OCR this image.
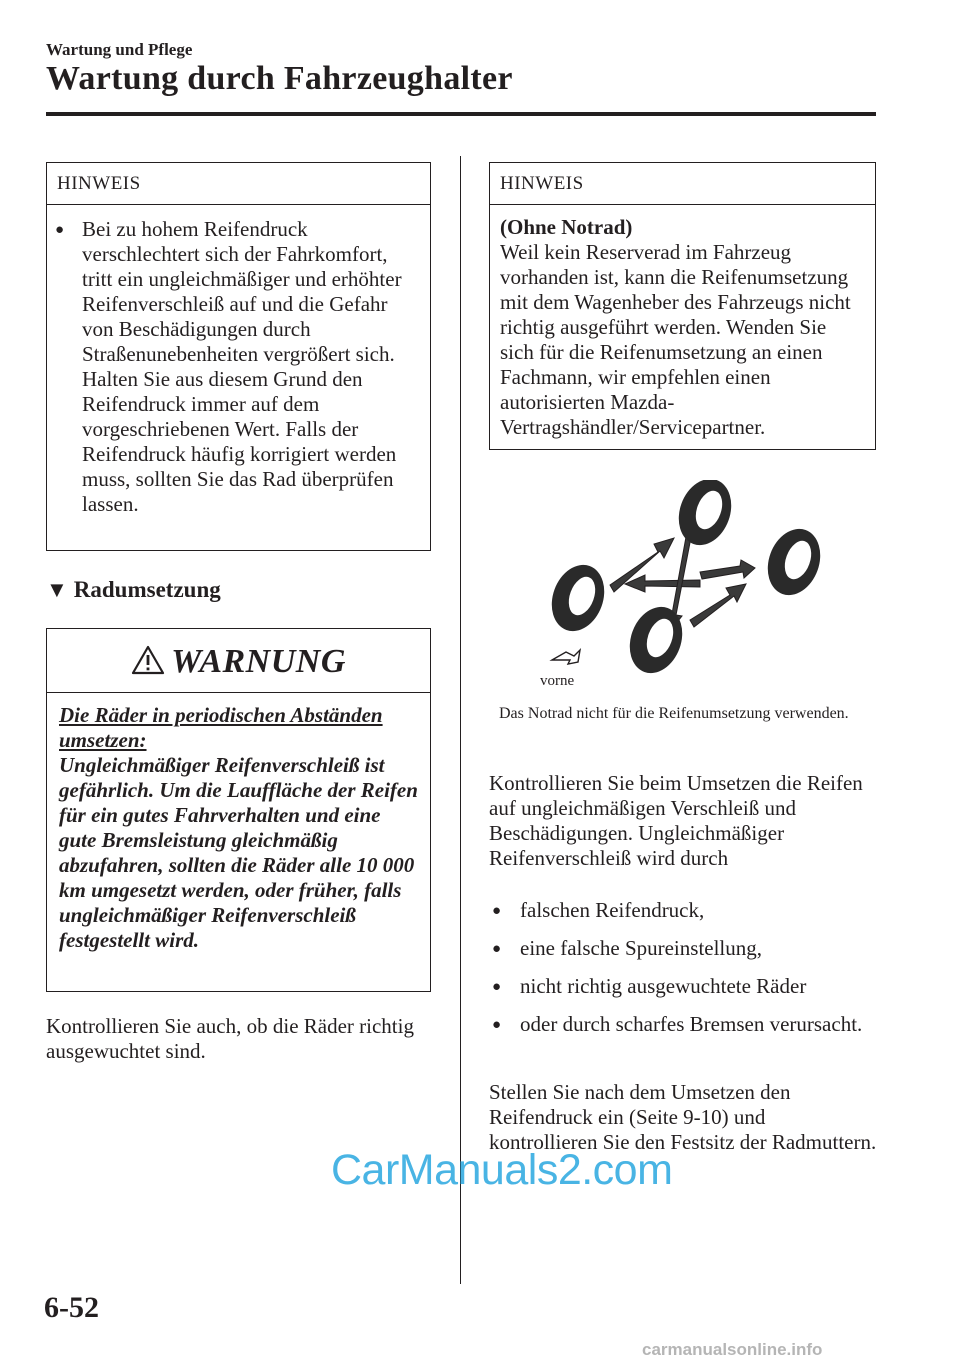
Wartung und Pflege
Wartung durch Fahrzeughalter
HINWEIS
● Bei zu hohem Reifendruck verschlechtert sich der Fahrkomfort, tritt ein ungleichmäßiger und erhöhter Reifenverschleiß auf und die Gefahr von Beschädigungen durch Straßenunebenheiten vergrößert sich.
Halten Sie aus diesem Grund den Reifendruck immer auf dem vorgeschriebenen Wert. Falls der Reifendruck häufig korrigiert werden muss, sollten Sie das Rad überprüfen lassen.
▼ Radumsetzung
WARNUNG
Die Räder in periodischen Abständen umsetzen:
Ungleichmäßiger Reifenverschleiß ist gefährlich. Um die Lauffläche der Reifen für ein gutes Fahrverhalten und eine gute Bremsleistung gleichmäßig abzufahren, sollten die Räder alle 10 000 km umgesetzt werden, oder früher, falls ungleichmäßiger Reifenverschleiß festgestellt wird.
Kontrollieren Sie auch, ob die Räder richtig ausgewuchtet sind.
HINWEIS
(Ohne Notrad)
Weil kein Reserverad im Fahrzeug vorhanden ist, kann die Reifenumsetzung mit dem Wagenheber des Fahrzeugs nicht richtig ausgeführt werden. Wenden Sie sich für die Reifenumsetzung an einen Fachmann, wir empfehlen einen autorisierten Mazda-Vertragshändler/Servicepartner.
vorne
Das Notrad nicht für die Reifenumsetzung verwenden.
Kontrollieren Sie beim Umsetzen die Reifen auf ungleichmäßigen Verschleiß und Beschädigungen. Ungleichmäßiger Reifenverschleiß wird durch
● falschen Reifendruck,
● eine falsche Spureinstellung,
● nicht richtig ausgewuchtete Räder
● oder durch scharfes Bremsen verursacht.
Stellen Sie nach dem Umsetzen den Reifendruck ein (Seite 9-10) und kontrollieren Sie den Festsitz der Radmuttern.
6-52
CarManuals2.com
carmanualsonline.info
